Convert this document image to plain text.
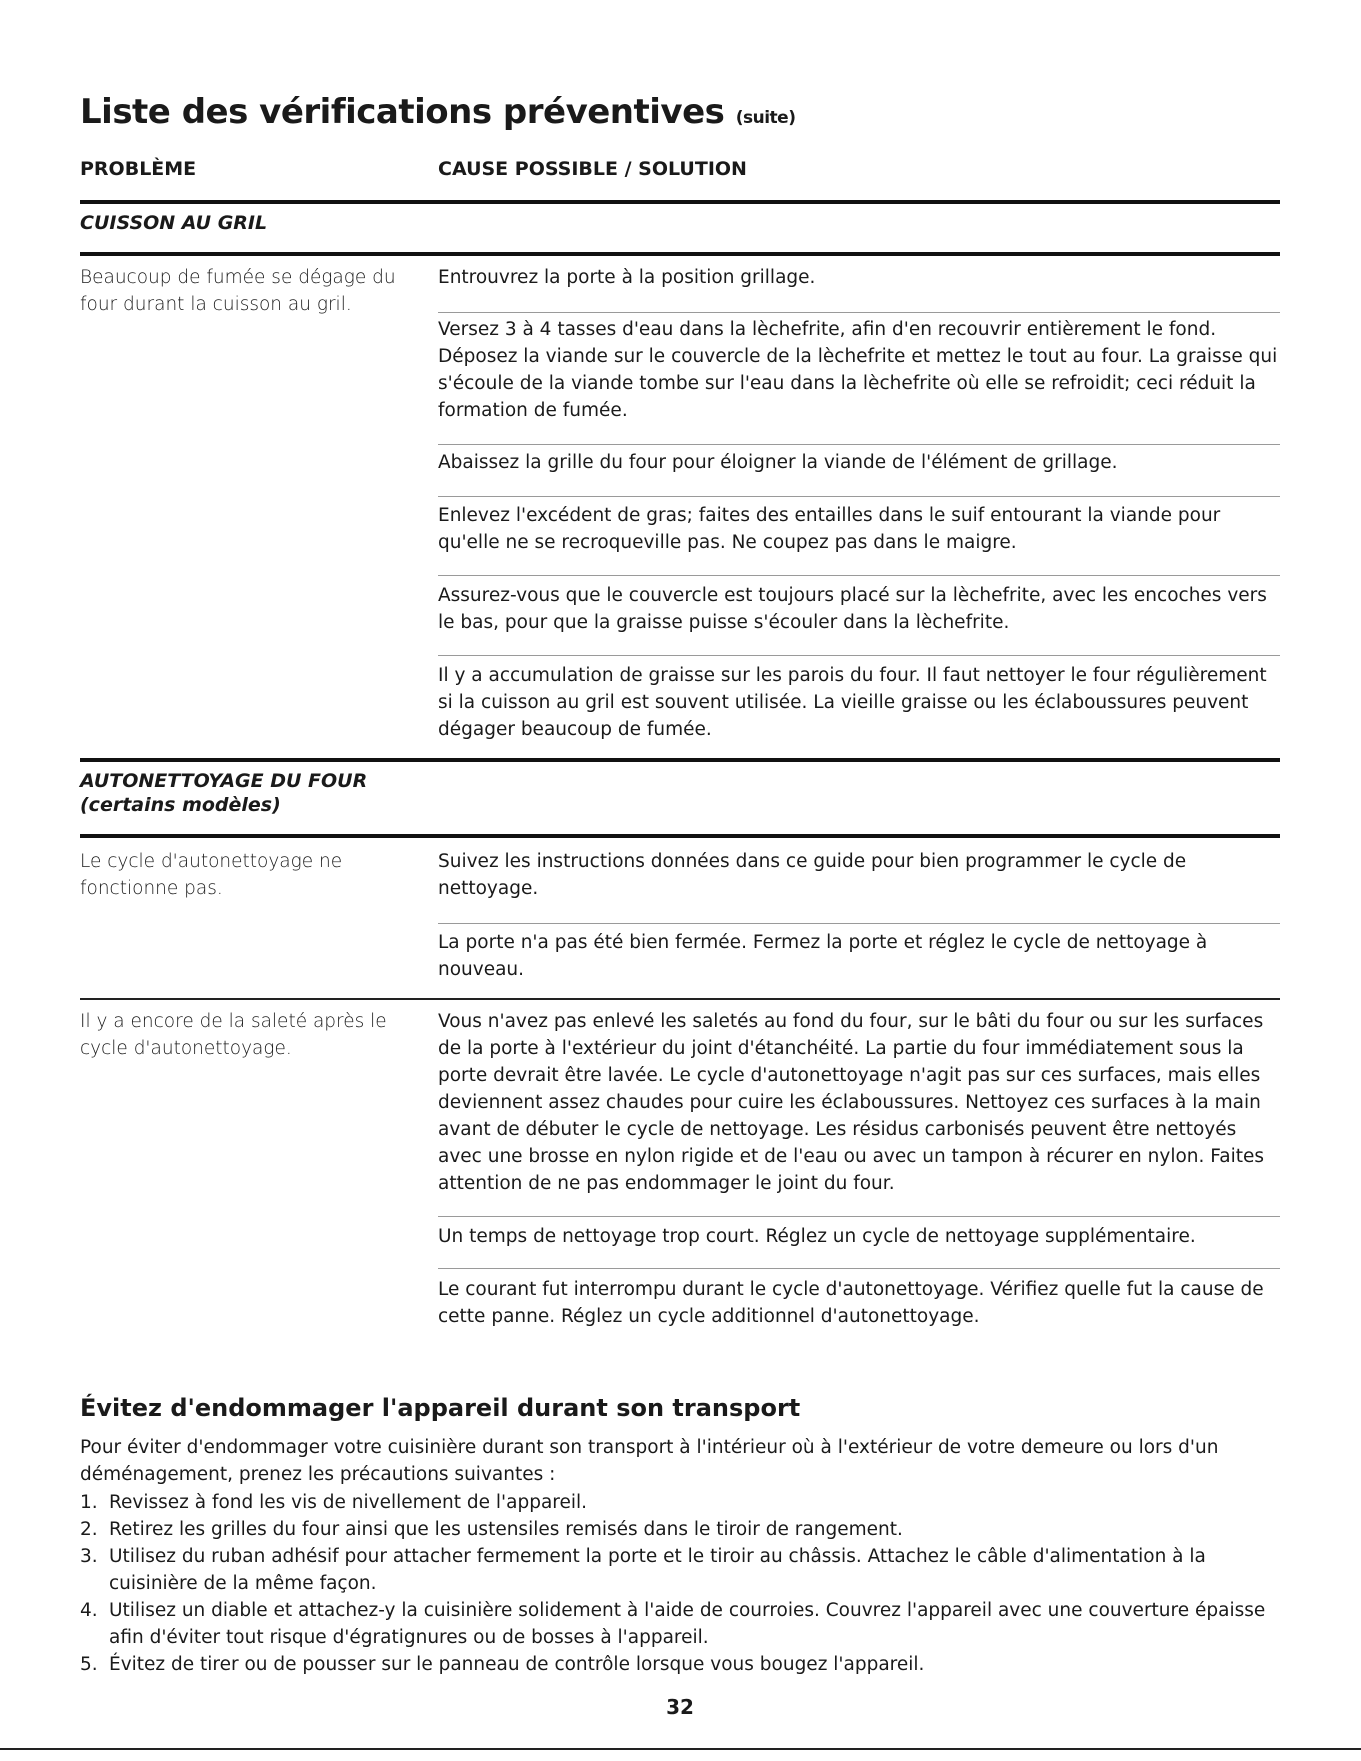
Liste des vérifications préventives (suite)
PROBLÈME	CAUSE POSSIBLE / SOLUTION
CUISSON AU GRIL
Beaucoup de fumée se dégage du four durant la cuisson au gril.
Entrouvrez la porte à la position grillage.
Versez 3 à 4 tasses d'eau dans la lèchefrite, afin d'en recouvrir entièrement le fond. Déposez la viande sur le couvercle de la lèchefrite et mettez le tout au four. La graisse qui s'écoule de la viande tombe sur l'eau dans la lèchefrite où elle se refroidit; ceci réduit la formation de fumée.
Abaissez la grille du four pour éloigner la viande de l'élément de grillage.
Enlevez l'excédent de gras; faites des entailles dans le suif entourant la viande pour qu'elle ne se recroqueville pas. Ne coupez pas dans le maigre.
Assurez-vous que le couvercle est toujours placé sur la lèchefrite, avec les encoches vers le bas, pour que la graisse puisse s'écouler dans la lèchefrite.
Il y a accumulation de graisse sur les parois du four. Il faut nettoyer le four régulièrement si la cuisson au gril est souvent utilisée. La vieille graisse ou les éclaboussures peuvent dégager beaucoup de fumée.
AUTONETTOYAGE DU FOUR
(certains modèles)
Le cycle d'autonettoyage ne fonctionne pas.
Suivez les instructions données dans ce guide pour bien programmer le cycle de nettoyage.
La porte n'a pas été bien fermée. Fermez la porte et réglez le cycle de nettoyage à nouveau.
Il y a encore de la saleté après le cycle d'autonettoyage.
Vous n'avez pas enlevé les saletés au fond du four, sur le bâti du four ou sur les surfaces de la porte à l'extérieur du joint d'étanchéité. La partie du four immédiatement sous la porte devrait être lavée. Le cycle d'autonettoyage n'agit pas sur ces surfaces, mais elles deviennent assez chaudes pour cuire les éclaboussures. Nettoyez ces surfaces à la main avant de débuter le cycle de nettoyage. Les résidus carbonisés peuvent être nettoyés avec une brosse en nylon rigide et de l'eau ou avec un tampon à récurer en nylon. Faites attention de ne pas endommager le joint du four.
Un temps de nettoyage trop court. Réglez un cycle de nettoyage supplémentaire.
Le courant fut interrompu durant le cycle d'autonettoyage. Vérifiez quelle fut la cause de cette panne. Réglez un cycle additionnel d'autonettoyage.
Évitez d'endommager l'appareil durant son transport
Pour éviter d'endommager votre cuisinière durant son transport à l'intérieur où à l'extérieur de votre demeure ou lors d'un déménagement, prenez les précautions suivantes :
1. Revissez à fond les vis de nivellement de l'appareil.
2. Retirez les grilles du four ainsi que les ustensiles remisés dans le tiroir de rangement.
3. Utilisez du ruban adhésif pour attacher fermement la porte et le tiroir au châssis. Attachez le câble d'alimentation à la cuisinière de la même façon.
4. Utilisez un diable et attachez-y la cuisinière solidement à l'aide de courroies. Couvrez l'appareil avec une couverture épaisse afin d'éviter tout risque d'égratignures ou de bosses à l'appareil.
5. Évitez de tirer ou de pousser sur le panneau de contrôle lorsque vous bougez l'appareil.
32
